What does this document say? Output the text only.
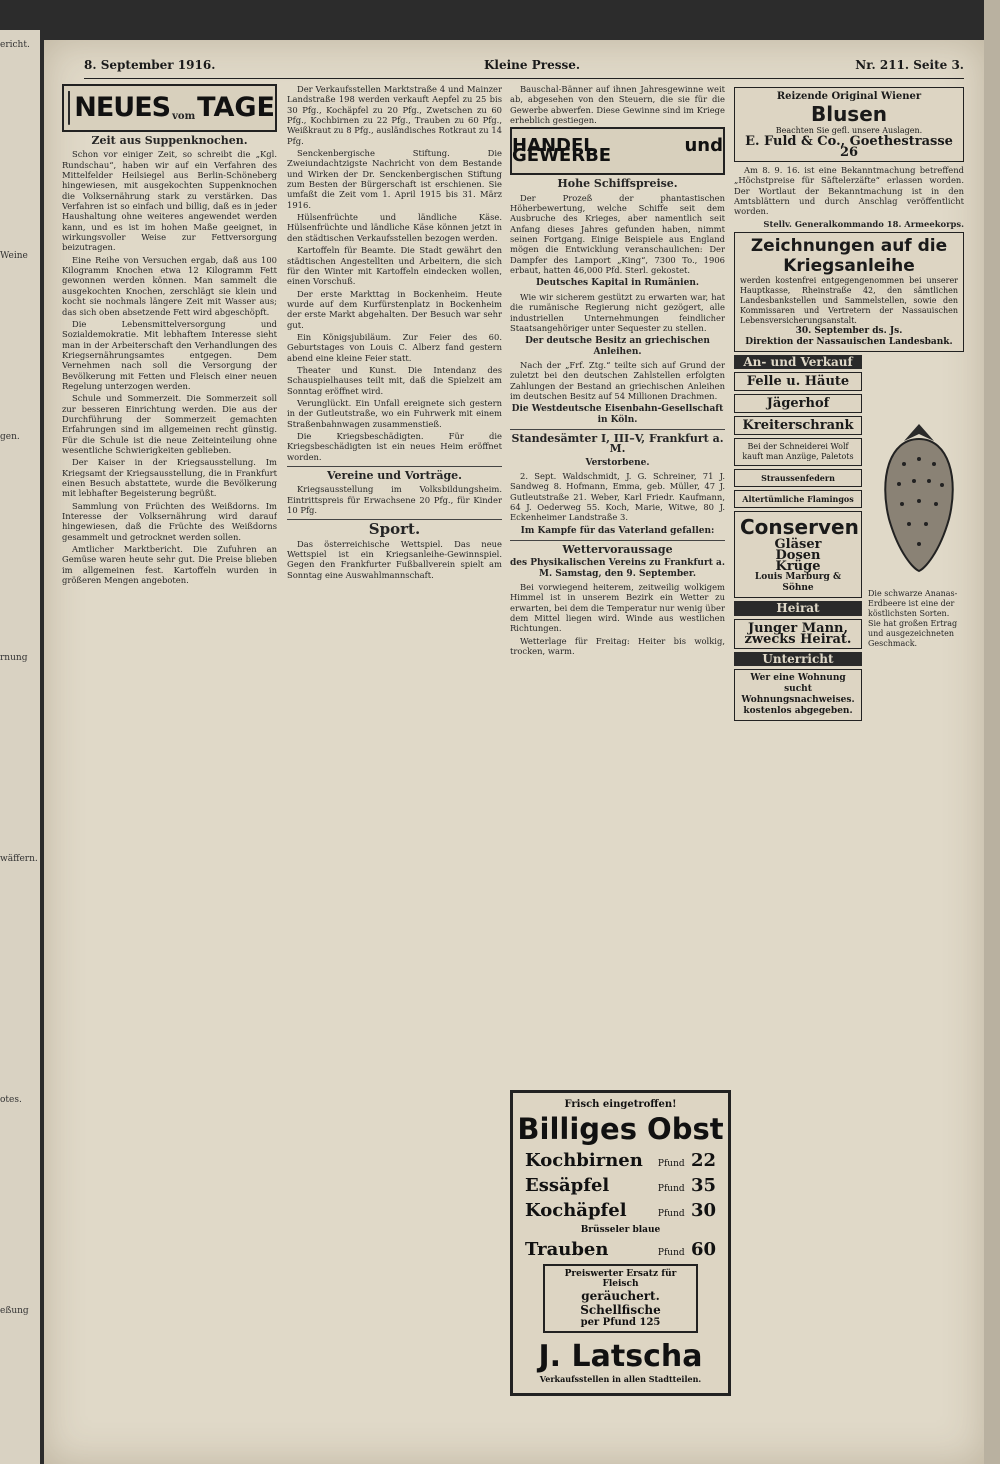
ericht.
Weine
gen.
rnung
wäffern.
otes.
eßung
8. September 1916.	Kleine Presse.	Nr. 211. Seite 3.
NEUES vom TAGE
Zeit aus Suppenknochen.

Schon vor einiger Zeit, so schreibt die „Kgl. Rundschau“, haben wir auf ein Verfahren des Mittelfelder Heilsiegel aus Berlin-Schöneberg hingewiesen, mit ausgekochten Suppenknochen die Volksernährung stark zu verstärken. Das Verfahren ist so einfach und billig, daß es in jeder Haushaltung ohne weiteres angewendet werden kann, und es ist im hohen Maße geeignet, in wirkungsvoller Weise zur Fettversorgung beizutragen.

Eine Reihe von Versuchen ergab, daß aus 100 Kilogramm Knochen etwa 12 Kilogramm Fett gewonnen werden können. Man sammelt die ausgekochten Knochen, zerschlägt sie klein und kocht sie nochmals längere Zeit mit Wasser aus; das sich oben absetzende Fett wird abgeschöpft.

Die Lebensmittelversorgung und Sozialdemokratie. Mit lebhaftem Interesse sieht man in der Arbeiterschaft den Verhandlungen des Kriegsernährungsamtes entgegen. Dem Vernehmen nach soll die Versorgung der Bevölkerung mit Fetten und Fleisch einer neuen Regelung unterzogen werden.

Schule und Sommerzeit. Die Sommerzeit soll zur besseren Einrichtung werden. Die aus der Durchführung der Sommerzeit gemachten Erfahrungen sind im allgemeinen recht günstig. Für die Schule ist die neue Zeiteinteilung ohne wesentliche Schwierigkeiten geblieben.

Der Kaiser in der Kriegsausstellung. Im Kriegsamt der Kriegsausstellung, die in Frankfurt einen Besuch abstattete, wurde die Bevölkerung mit lebhafter Begeisterung begrüßt.

Sammlung von Früchten des Weißdorns. Im Interesse der Volksernährung wird darauf hingewiesen, daß die Früchte des Weißdorns gesammelt und getrocknet werden sollen.

Amtlicher Marktbericht. Die Zufuhren an Gemüse waren heute sehr gut. Die Preise blieben im allgemeinen fest. Kartoffeln wurden in größeren Mengen angeboten.

Der Verkaufsstellen Marktstraße 4 und Mainzer Landstraße 198 werden verkauft Aepfel zu 25 bis 30 Pfg., Kochäpfel zu 20 Pfg., Zwetschen zu 60 Pfg., Kochbirnen zu 22 Pfg., Trauben zu 60 Pfg., Weißkraut zu 8 Pfg., ausländisches Rotkraut zu 14 Pfg.

Senckenbergische Stiftung. Die Zweiundachtzigste Nachricht von dem Bestande und Wirken der Dr. Senckenbergischen Stiftung zum Besten der Bürgerschaft ist erschienen. Sie umfaßt die Zeit vom 1. April 1915 bis 31. März 1916.

Hülsenfrüchte und ländliche Käse. Hülsenfrüchte und ländliche Käse können jetzt in den städtischen Verkaufsstellen bezogen werden.

Kartoffeln für Beamte. Die Stadt gewährt den städtischen Angestellten und Arbeitern, die sich für den Winter mit Kartoffeln eindecken wollen, einen Vorschuß.

Der erste Markttag in Bockenheim. Heute wurde auf dem Kurfürstenplatz in Bockenheim der erste Markt abgehalten. Der Besuch war sehr gut.

Ein Königsjubiläum. Zur Feier des 60. Geburtstages von Louis C. Alberz fand gestern abend eine kleine Feier statt.

Theater und Kunst. Die Intendanz des Schauspielhauses teilt mit, daß die Spielzeit am Sonntag eröffnet wird.

Verunglückt. Ein Unfall ereignete sich gestern in der Gutleutstraße, wo ein Fuhrwerk mit einem Straßenbahnwagen zusammenstieß.

Die Kriegsbeschädigten. Für die Kriegsbeschädigten ist ein neues Heim eröffnet worden.

Vereine und Vorträge.

Kriegsausstellung im Volksbildungsheim. Eintrittspreis für Erwachsene 20 Pfg., für Kinder 10 Pfg.

Sport.

Das österreichische Wettspiel. Das neue Wettspiel ist ein Kriegsanleihe-Gewinnspiel. Gegen den Frankfurter Fußballverein spielt am Sonntag eine Auswahlmannschaft.

Bauschal-Bänner auf ihnen Jahresgewinne weit ab, abgesehen von den Steuern, die sie für die Gewerbe abwerfen. Diese Gewinne sind im Kriege erheblich gestiegen.

HANDEL und GEWERBE
Hohe Schiffspreise.

Der Prozeß der phantastischen Höherbewertung, welche Schiffe seit dem Ausbruche des Krieges, aber namentlich seit Anfang dieses Jahres gefunden haben, nimmt seinen Fortgang. Einige Beispiele aus England mögen die Entwicklung veranschaulichen: Der Dampfer des Lamport „King“, 7300 To., 1906 erbaut, hatten 46,000 Pfd. Sterl. gekostet.

Deutsches Kapital in Rumänien.

Wie wir sicherem gestützt zu erwarten war, hat die rumänische Regierung nicht gezögert, alle industriellen Unternehmungen feindlicher Staatsangehöriger unter Sequester zu stellen.

Der deutsche Besitz an griechischen Anleihen.

Nach der „Frf. Ztg.“ teilte sich auf Grund der zuletzt bei den deutschen Zahlstellen erfolgten Zahlungen der Bestand an griechischen Anleihen im deutschen Besitz auf 54 Millionen Drachmen.

Die Westdeutsche Eisenbahn-Gesellschaft in Köln.
Standesämter I, III–V, Frankfurt a. M.
Verstorbene.

2. Sept. Waldschmidt, J. G. Schreiner, 71 J. Sandweg 8. Hofmann, Emma, geb. Müller, 47 J. Gutleutstraße 21. Weber, Karl Friedr. Kaufmann, 64 J. Oederweg 55. Koch, Marie, Witwe, 80 J. Eckenheimer Landstraße 3.

Im Kampfe für das Vaterland gefallen:
Wettervoraussage
des Physikalischen Vereins zu Frankfurt a. M. Samstag, den 9. September.

Bei vorwiegend heiterem, zeitweilig wolkigem Himmel ist in unserem Bezirk ein Wetter zu erwarten, bei dem die Temperatur nur wenig über dem Mittel liegen wird. Winde aus westlichen Richtungen.

Wetterlage für Freitag: Heiter bis wolkig, trocken, warm.

Frisch eingetroffen!
Billiges Obst
Kochbirnen Pfund 22
Essäpfel	Pfund 35
Kochäpfel	Pfund 30
Brüsseler blaue
Trauben	Pfund 60
Preiswerter Ersatz für Fleisch
geräuchert. Schellfische
per Pfund 125
J. Latscha
Verkaufsstellen in allen Stadtteilen.
Reizende Original Wiener
Blusen
Beachten Sie gefl. unsere Auslagen.
E. Fuld & Co., Goethestrasse 26

Am 8. 9. 16. ist eine Bekanntmachung betreffend „Höchstpreise für Säftelerzäfte“ erlassen worden. Der Wortlaut der Bekanntmachung ist in den Amtsblättern und durch Anschlag veröffentlicht worden.

Stellv. Generalkommando 18. Armeekorps.

Zeichnungen auf die Kriegsanleihe
werden kostenfrei entgegengenommen bei unserer Hauptkasse, Rheinstraße 42, den sämtlichen Landesbankstellen und Sammelstellen, sowie den Kommissaren und Vertretern der Nassauischen Lebensversicherungsanstalt.
30. September ds. Js.
Direktion der Nassauischen Landesbank.
An- und Verkauf
Felle u. Häute
Jägerhof
Kreiterschrank
Bei der Schneiderei Wolf kauft man Anzüge, Paletots
Straussenfedern
Altertümliche Flamingos
Conserven
Gläser
Dosen
Krüge
Louis Marburg & Söhne
Heirat
Junger Mann,
zwecks Heirat.
Unterricht
Wer eine Wohnung sucht
Wohnungsnachweises.
kostenlos abgegeben.
Die schwarze Ananas-Erdbeere ist eine der köstlichsten Sorten. Sie hat großen Ertrag und ausgezeichneten Geschmack.
